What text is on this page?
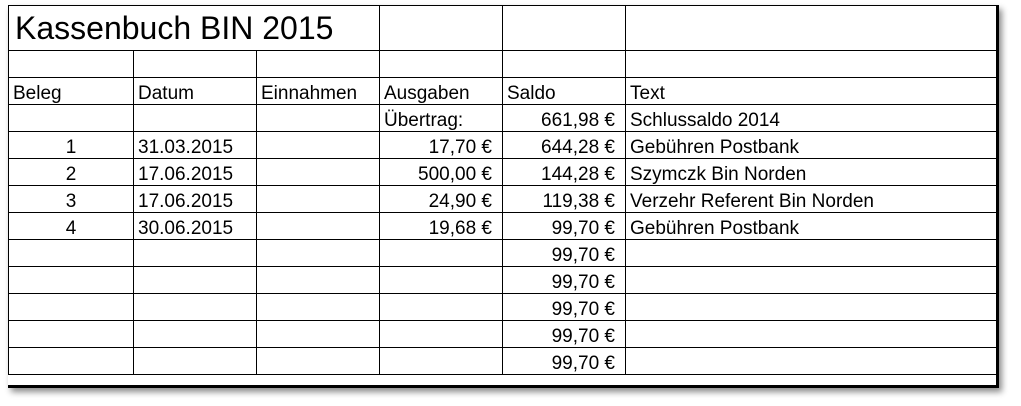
Kassenbuch BIN 2015					

Beleg	Datum	Einnahmen	Ausgaben	Saldo	Text
			Übertrag:	661,98 €	Schlussaldo 2014
1	31.03.2015		17,70 €	644,28 €	Gebühren Postbank
2	17.06.2015		500,00 €	144,28 €	Szymczk Bin Norden
3	17.06.2015		24,90 €	119,38 €	Verzehr Referent Bin Norden
4	30.06.2015		19,68 €	99,70 €	Gebühren Postbank
				99,70 €	
				99,70 €	
				99,70 €	
				99,70 €	
				99,70 €	
